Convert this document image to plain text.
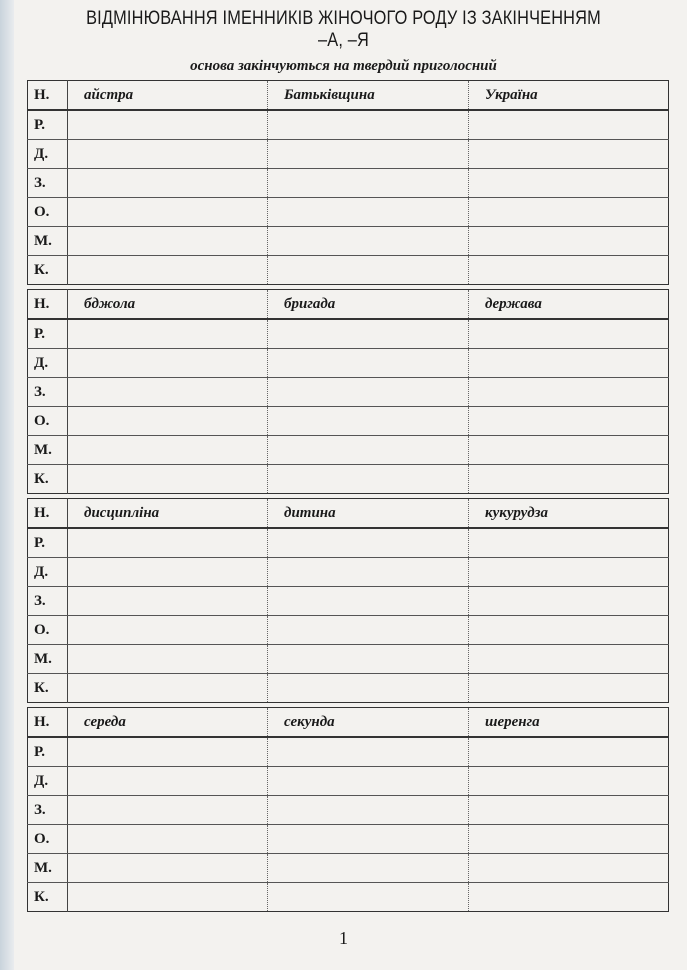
ВІДМІНЮВАННЯ ІМЕННИКІВ ЖІНОЧОГО РОДУ ІЗ ЗАКІНЧЕННЯМ
–А, –Я
основа закінчуються на твердий приголосний
Н.	айстра	Батьківщина	Україна
Р.			
Д.			
З.			
О.			
М.			
К.			
Н.	бджола	бригада	держава
Р.			
Д.			
З.			
О.			
М.			
К.			
Н.	дисципліна	дитина	кукурудза
Р.			
Д.			
З.			
О.			
М.			
К.			
Н.	середа	секунда	шеренга
Р.			
Д.			
З.			
О.			
М.			
К.			
1
